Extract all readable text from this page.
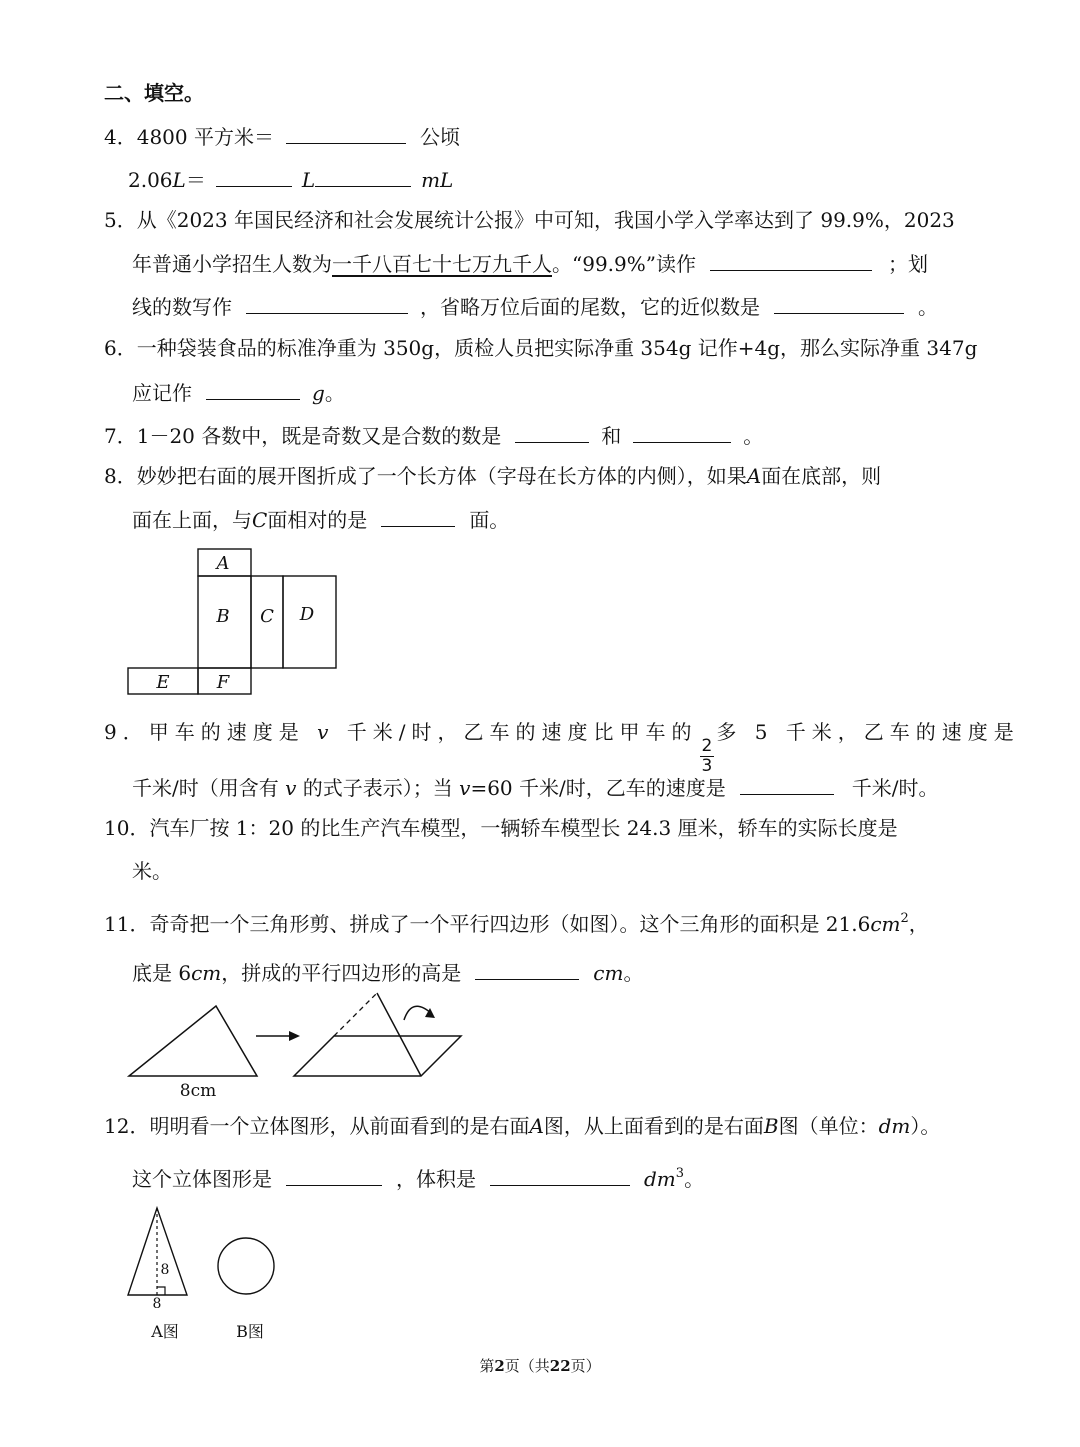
二、填空。
4．4800 平方米＝	公顷
2.06L＝	L	mL
5．从《2023 年国民经济和社会发展统计公报》中可知，我国小学入学率达到了 99.9%，2023
年普通小学招生人数为一千八百七十七万九千人。“99.9%”读作	；划
线的数写作	，省略万位后面的尾数，它的近似数是	。
6．一种袋装食品的标准净重为 350g，质检人员把实际净重 354g 记作+4g，那么实际净重 347g
应记作	g。
7．1－20 各数中，既是奇数又是合数的数是	和	。
8．妙妙把右面的展开图折成了一个长方体（字母在长方体的内侧），如果A面在底部，则
面在上面，与C面相对的是	面。
A
B C D
E	F
9．甲车的速度是 v 千米/时，乙车的速度比甲车的
$\frac{2}{3}$
多 5 千米，乙车的速度是
千米/时（用含有 v 的式子表示）；当 v=60 千米/时，乙车的速度是	千米/时。
10．汽车厂按 1：20 的比生产汽车模型，一辆轿车模型长 24.3 厘米，轿车的实际长度是
米。
11．奇奇把一个三角形剪、拼成了一个平行四边形（如图）。这个三角形的面积是 $21.6cm^2$，
底是 6cm，拼成的平行四边形的高是	cm。
8cm
12．明明看一个立体图形，从前面看到的是右面A图，从上面看到的是右面B图（单位：dm）。
这个立体图形是	，体积是	$dm^3$。
8
8
A图	B图
第2页（共22页）
